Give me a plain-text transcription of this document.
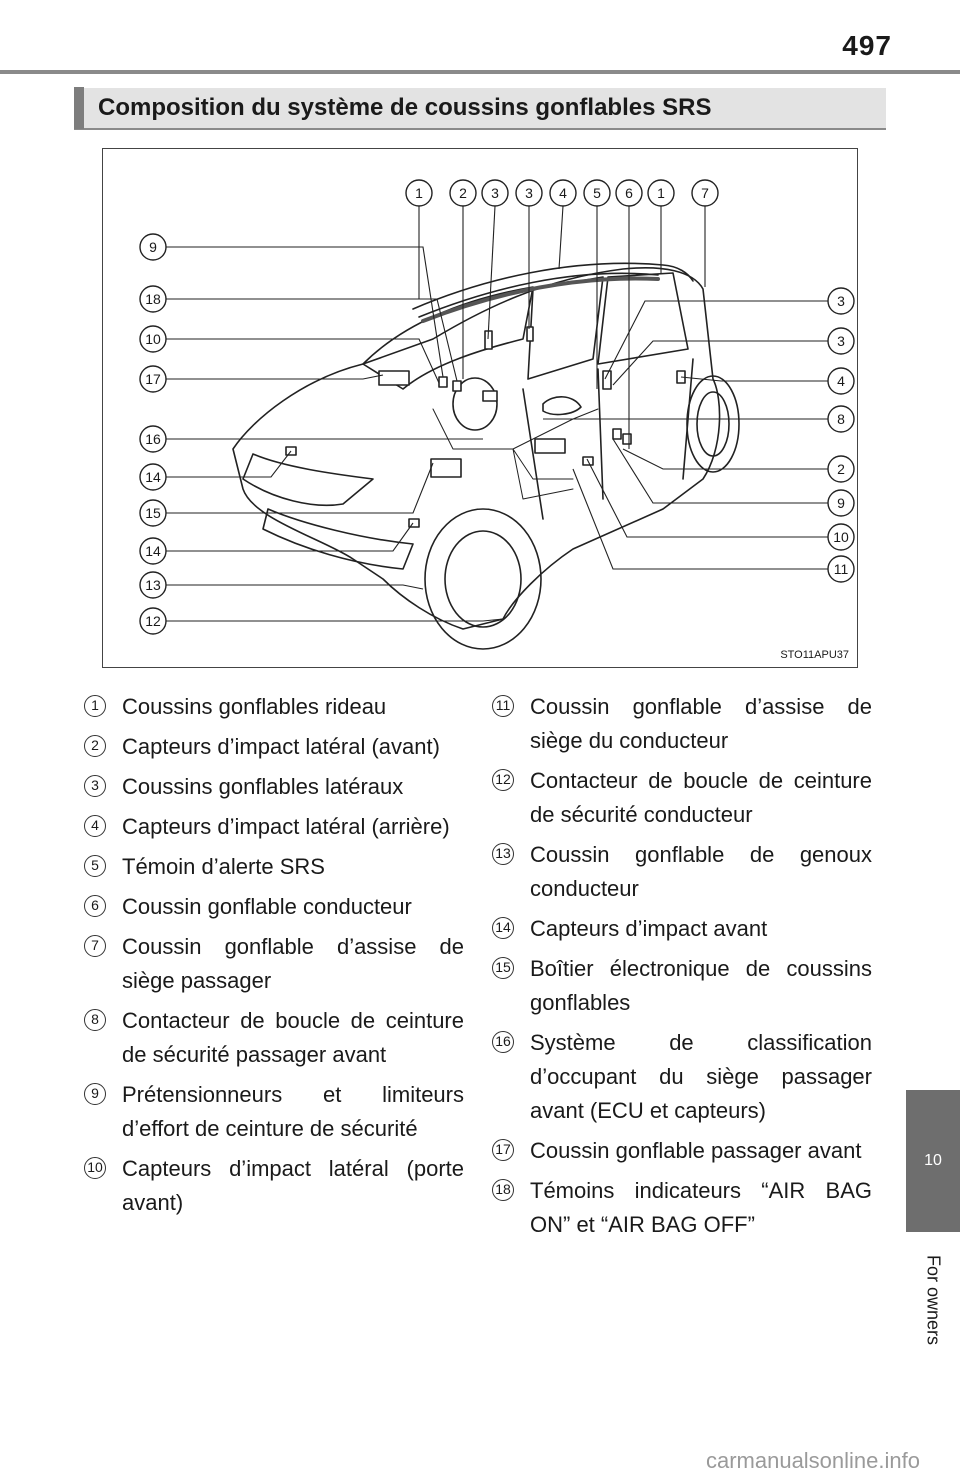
497
Composition du système de coussins gonflables SRS
1	2 3 3 4 5 6 1	7
9
18
10
17
16
14
15
14
13
12
3
3
4
8
2
9
10
11
STO11APU37
1	Coussins gonflables rideau
2	Capteurs d’impact latéral (avant)
3	Coussins gonflables latéraux
4	Capteurs d’impact latéral (arrière)
5	Témoin d’alerte SRS
6	Coussin gonflable conducteur
7	Coussin gonflable d’assise de siège passager
8	Contacteur de boucle de ceinture de sécurité passager avant
9	Prétensionneurs et limiteurs d’effort de ceinture de sécurité
10 Capteurs d’impact latéral (porte avant)
11 Coussin gonflable d’assise de siège du conducteur
12 Contacteur de boucle de ceinture de sécurité conducteur
13 Coussin gonflable de genoux conducteur
14 Capteurs d’impact avant
15 Boîtier électronique de coussins gonflables
16 Système de classification d’occupant du siège passager avant (ECU et capteurs)
17 Coussin gonflable passager avant
18 Témoins indicateurs “AIR BAG ON” et “AIR BAG OFF”
10
For owners
carmanualsonline.info
